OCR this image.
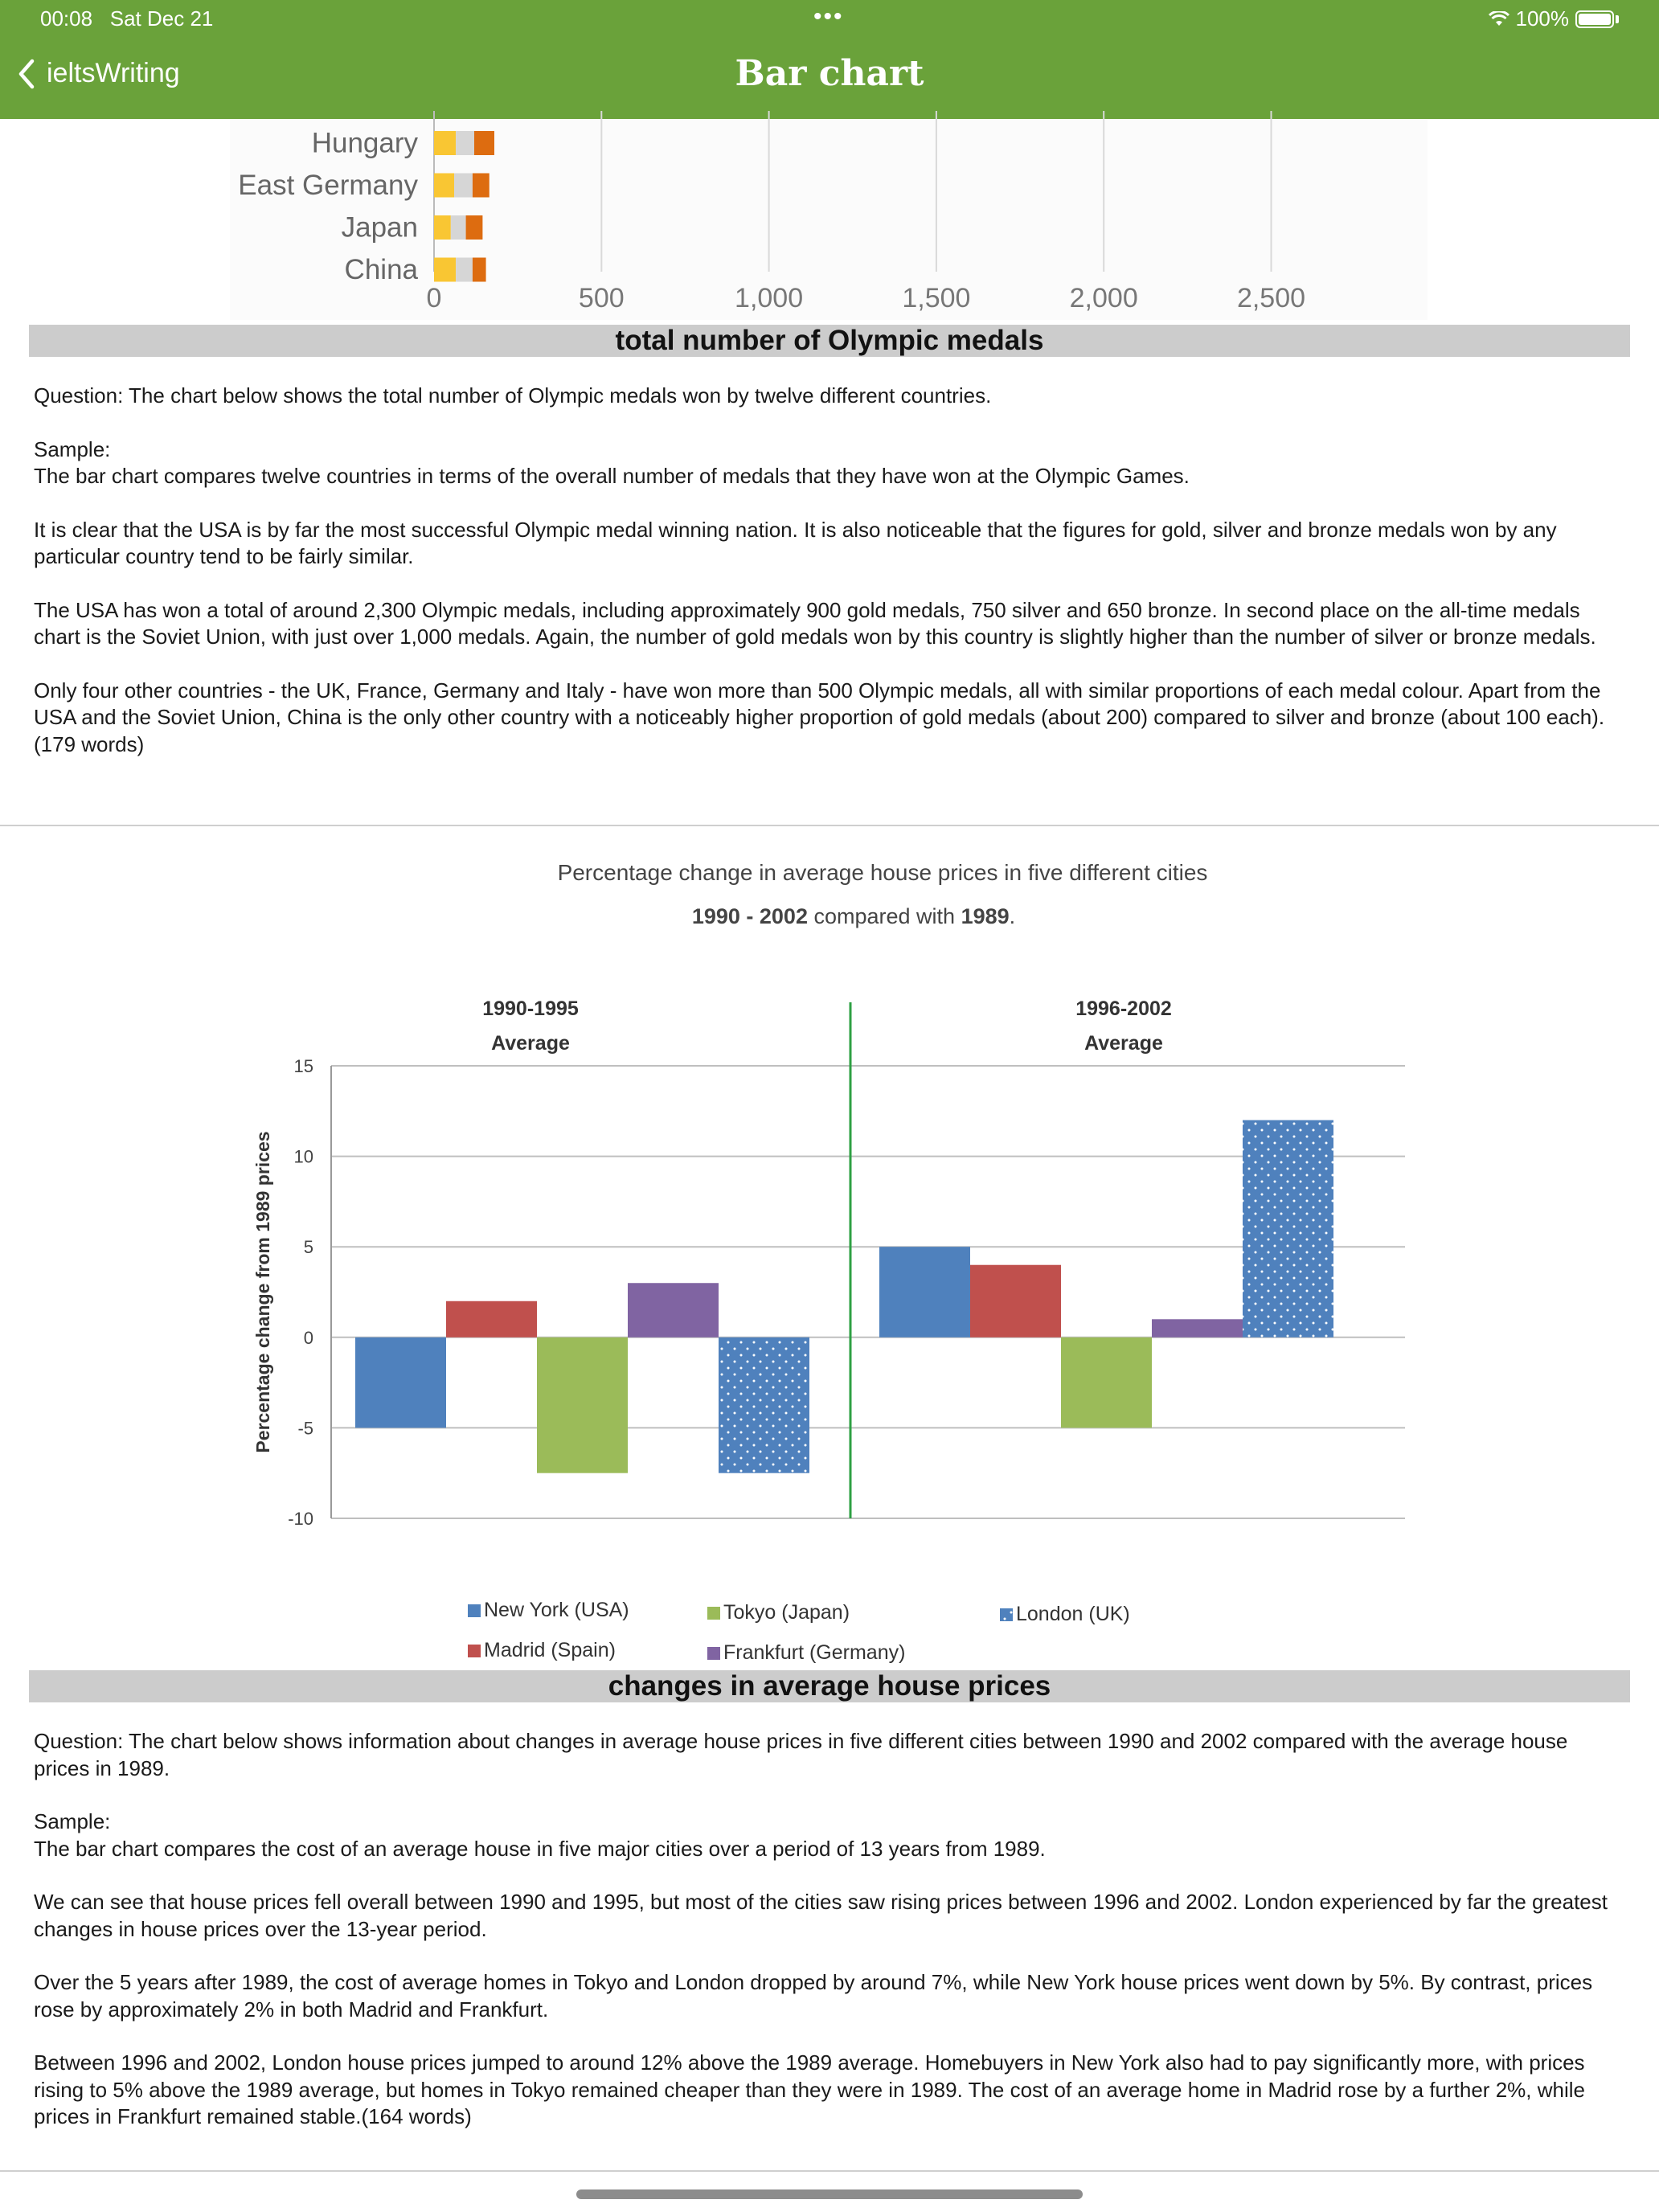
00:08 Sat Dec 21	•••	100%
ieltsWriting	Bar chart
0	500	1,000	1,500	2,000	2,500
Hungary
East Germany
Japan
China
total number of Olympic medals

Question: The chart below shows the total number of Olympic medals won by twelve different countries.

Sample:
The bar chart compares twelve countries in terms of the overall number of medals that they have won at the Olympic Games.

It is clear that the USA is by far the most successful Olympic medal winning nation. It is also noticeable that the figures for gold, silver and bronze medals won by any particular country tend to be fairly similar.

The USA has won a total of around 2,300 Olympic medals, including approximately 900 gold medals, 750 silver and 650 bronze. In second place on the all-time medals chart is the Soviet Union, with just over 1,000 medals. Again, the number of gold medals won by this country is slightly higher than the number of silver or bronze medals.

Only four other countries - the UK, France, Germany and Italy - have won more than 500 Olympic medals, all with similar proportions of each medal colour. Apart from the USA and the Soviet Union, China is the only other country with a noticeably higher proportion of gold medals (about 200) compared to silver and bronze (about 100 each).(179 words)

Percentage change in average house prices in five different cities
1990 - 2002 compared with 1989.
15
10
5
0
-5
-10
Percentage change from 1989 prices
1990-1995
Average
1996-2002
Average
New York (USA)
Madrid (Spain)
Tokyo (Japan)
Frankfurt (Germany)
London (UK)
changes in average house prices

Question: The chart below shows information about changes in average house prices in five different cities between 1990 and 2002 compared with the average house prices in 1989.

Sample:
The bar chart compares the cost of an average house in five major cities over a period of 13 years from 1989.

We can see that house prices fell overall between 1990 and 1995, but most of the cities saw rising prices between 1996 and 2002. London experienced by far the greatest changes in house prices over the 13-year period.

Over the 5 years after 1989, the cost of average homes in Tokyo and London dropped by around 7%, while New York house prices went down by 5%. By contrast, prices rose by approximately 2% in both Madrid and Frankfurt.

Between 1996 and 2002, London house prices jumped to around 12% above the 1989 average. Homebuyers in New York also had to pay significantly more, with prices rising to 5% above the 1989 average, but homes in Tokyo remained cheaper than they were in 1989. The cost of an average home in Madrid rose by a further 2%, while prices in Frankfurt remained stable.(164 words)
